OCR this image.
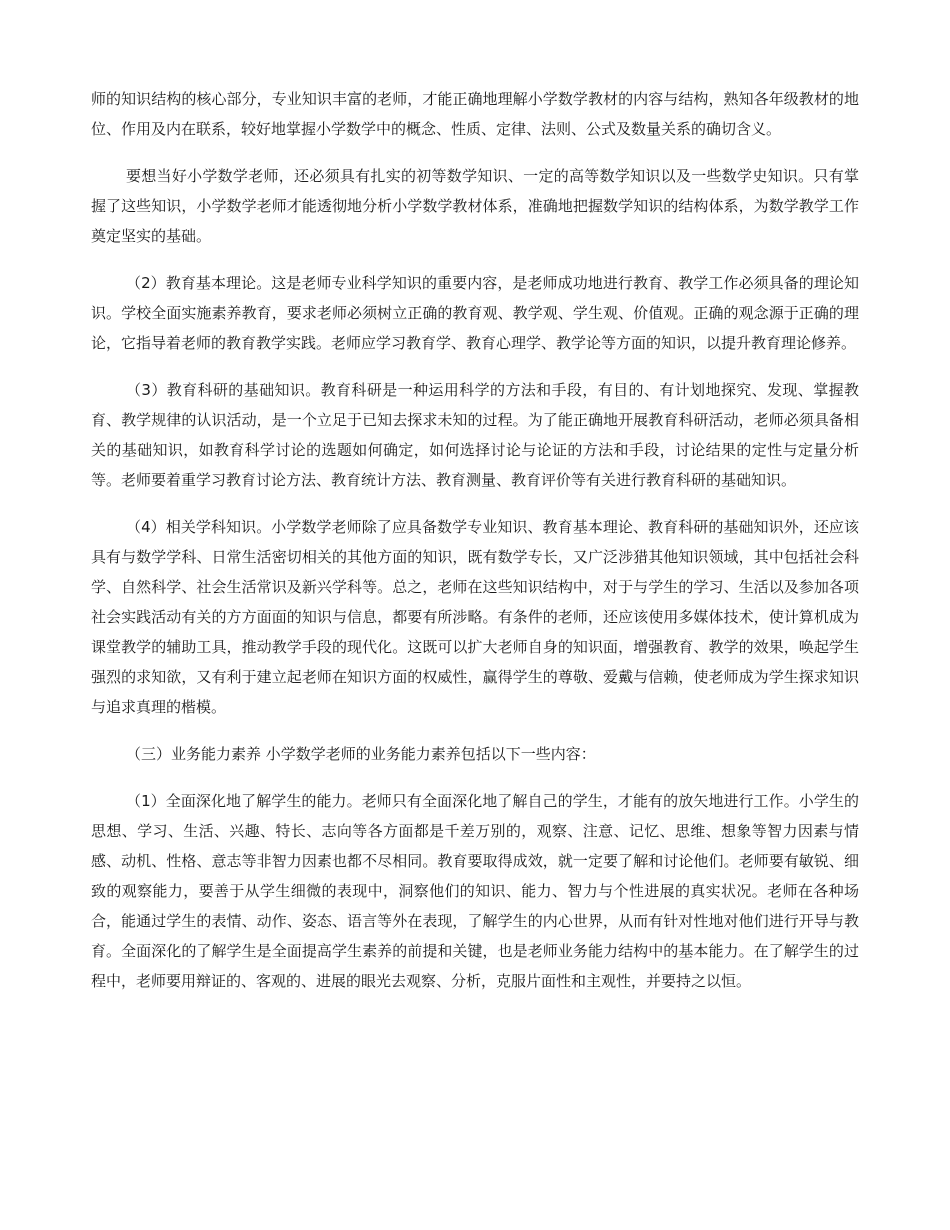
师的知识结构的核心部分，专业知识丰富的老师，才能正确地理解小学数学教材的内容与结构，熟知各年级教材的地位、作用及内在联系，较好地掌握小学数学中的概念、性质、定律、法则、公式及数量关系的确切含义。

要想当好小学数学老师，还必须具有扎实的初等数学知识、一定的高等数学知识以及一些数学史知识。只有掌握了这些知识，小学数学老师才能透彻地分析小学数学教材体系，准确地把握数学知识的结构体系，为数学教学工作奠定坚实的基础。

（2）教育基本理论。这是老师专业科学知识的重要内容，是老师成功地进行教育、教学工作必须具备的理论知识。学校全面实施素养教育，要求老师必须树立正确的教育观、教学观、学生观、价值观。正确的观念源于正确的理论，它指导着老师的教育教学实践。老师应学习教育学、教育心理学、教学论等方面的知识，以提升教育理论修养。

（3）教育科研的基础知识。教育科研是一种运用科学的方法和手段，有目的、有计划地探究、发现、掌握教育、教学规律的认识活动，是一个立足于已知去探求未知的过程。为了能正确地开展教育科研活动，老师必须具备相关的基础知识，如教育科学讨论的选题如何确定，如何选择讨论与论证的方法和手段，讨论结果的定性与定量分析等。老师要着重学习教育讨论方法、教育统计方法、教育测量、教育评价等有关进行教育科研的基础知识。

（4）相关学科知识。小学数学老师除了应具备数学专业知识、教育基本理论、教育科研的基础知识外，还应该具有与数学学科、日常生活密切相关的其他方面的知识，既有数学专长，又广泛涉猎其他知识领域，其中包括社会科学、自然科学、社会生活常识及新兴学科等。总之，老师在这些知识结构中，对于与学生的学习、生活以及参加各项社会实践活动有关的方方面面的知识与信息，都要有所涉略。有条件的老师，还应该使用多媒体技术，使计算机成为课堂教学的辅助工具，推动教学手段的现代化。这既可以扩大老师自身的知识面，增强教育、教学的效果，唤起学生强烈的求知欲，又有利于建立起老师在知识方面的权威性，赢得学生的尊敬、爱戴与信赖，使老师成为学生探求知识与追求真理的楷模。

（三）业务能力素养 小学数学老师的业务能力素养包括以下一些内容：

（1）全面深化地了解学生的能力。老师只有全面深化地了解自己的学生，才能有的放矢地进行工作。小学生的思想、学习、生活、兴趣、特长、志向等各方面都是千差万别的，观察、注意、记忆、思维、想象等智力因素与情感、动机、性格、意志等非智力因素也都不尽相同。教育要取得成效，就一定要了解和讨论他们。老师要有敏锐、细致的观察能力，要善于从学生细微的表现中，洞察他们的知识、能力、智力与个性进展的真实状况。老师在各种场合，能通过学生的表情、动作、姿态、语言等外在表现，了解学生的内心世界，从而有针对性地对他们进行开导与教育。全面深化的了解学生是全面提高学生素养的前提和关键，也是老师业务能力结构中的基本能力。在了解学生的过程中，老师要用辩证的、客观的、进展的眼光去观察、分析，克服片面性和主观性，并要持之以恒。
